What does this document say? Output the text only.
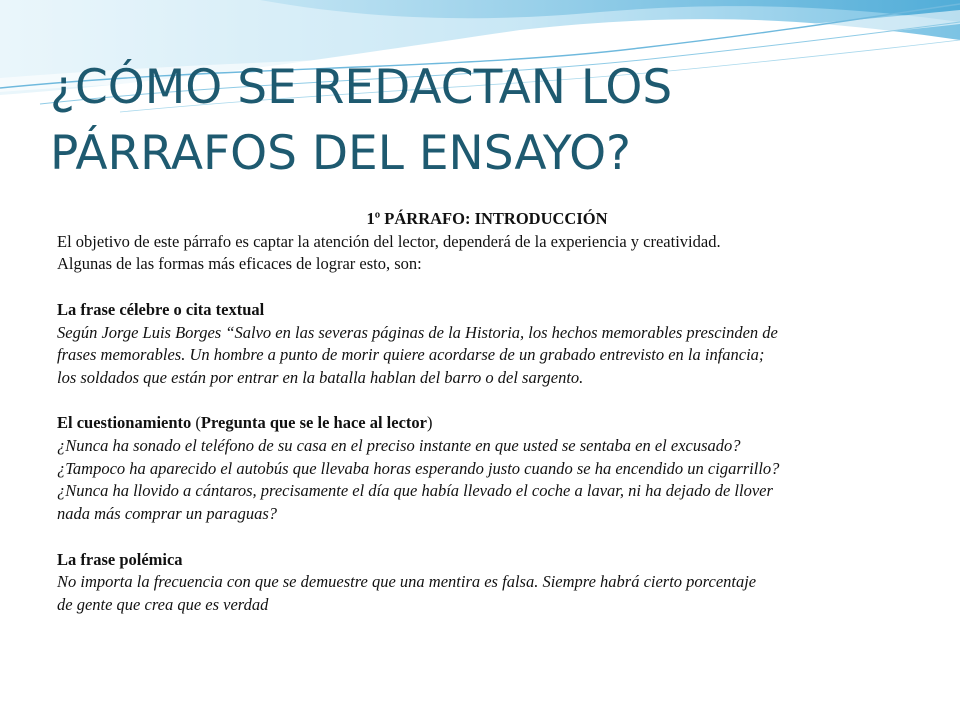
¿CÓMO SE REDACTAN LOS
PÁRRAFOS DEL ENSAYO?

1º PÁRRAFO: INTRODUCCIÓN

El objetivo de este párrafo es captar la atención del lector, dependerá de la experiencia y creatividad.

Algunas de las formas más eficaces de lograr esto, son:

La frase célebre o cita textual

Según Jorge Luis Borges “Salvo en las severas páginas de la Historia, los hechos memorables prescinden de

frases memorables. Un hombre a punto de morir quiere acordarse de un grabado entrevisto en la infancia;

los soldados que están por entrar en la batalla hablan del barro o del sargento.

El cuestionamiento (Pregunta que se le hace al lector)

¿Nunca ha sonado el teléfono de su casa en el preciso instante en que usted se sentaba en el excusado?

¿Tampoco ha aparecido el autobús que llevaba horas esperando justo cuando se ha encendido un cigarrillo?

¿Nunca ha llovido a cántaros, precisamente el día que había llevado el coche a lavar, ni ha dejado de llover

nada más comprar un paraguas?

La frase polémica

No importa la frecuencia con que se demuestre que una mentira es falsa. Siempre habrá cierto porcentaje

de gente que crea que es verdad
